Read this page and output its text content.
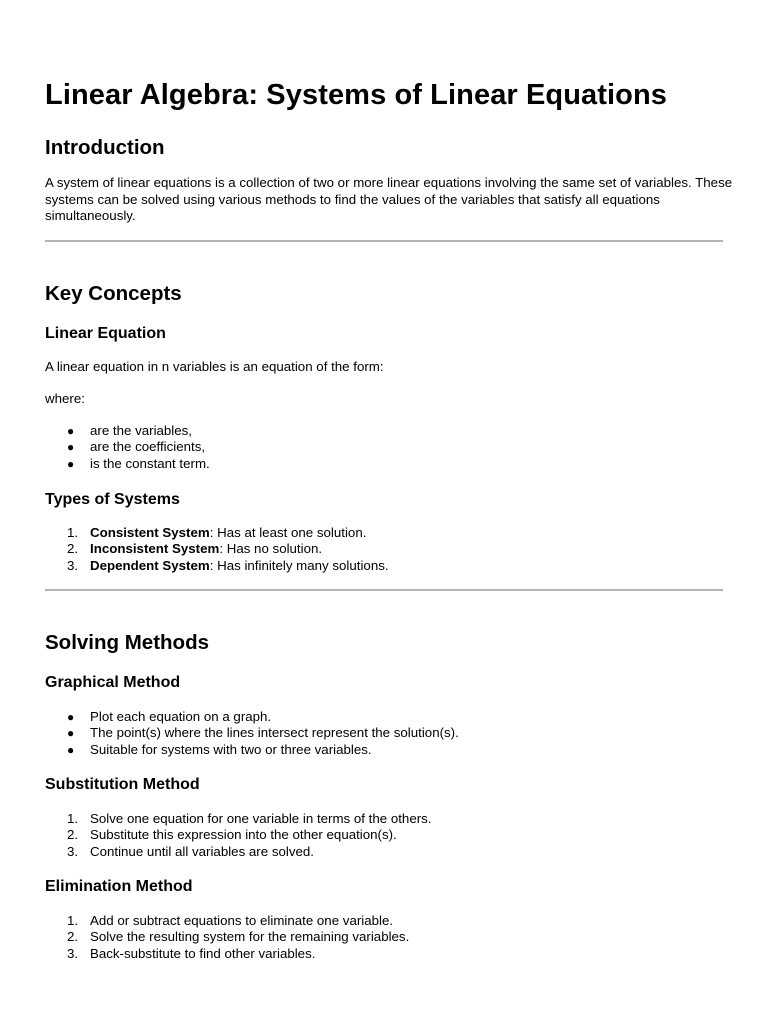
Linear Algebra: Systems of Linear Equations
Introduction

A system of linear equations is a collection of two or more linear equations involving the same set of variables. These systems can be solved using various methods to find the values of the variables that satisfy all equations simultaneously.

Key Concepts
Linear Equation

A linear equation in n variables is an equation of the form:

where:

● are the variables,
● are the coefficients,
● is the constant term.
Types of Systems
1. Consistent System: Has at least one solution.
2. Inconsistent System: Has no solution.
3. Dependent System: Has infinitely many solutions.
Solving Methods
Graphical Method
● Plot each equation on a graph.
● The point(s) where the lines intersect represent the solution(s).
● Suitable for systems with two or three variables.
Substitution Method
1. Solve one equation for one variable in terms of the others.
2. Substitute this expression into the other equation(s).
3. Continue until all variables are solved.
Elimination Method
1. Add or subtract equations to eliminate one variable.
2. Solve the resulting system for the remaining variables.
3. Back-substitute to find other variables.
